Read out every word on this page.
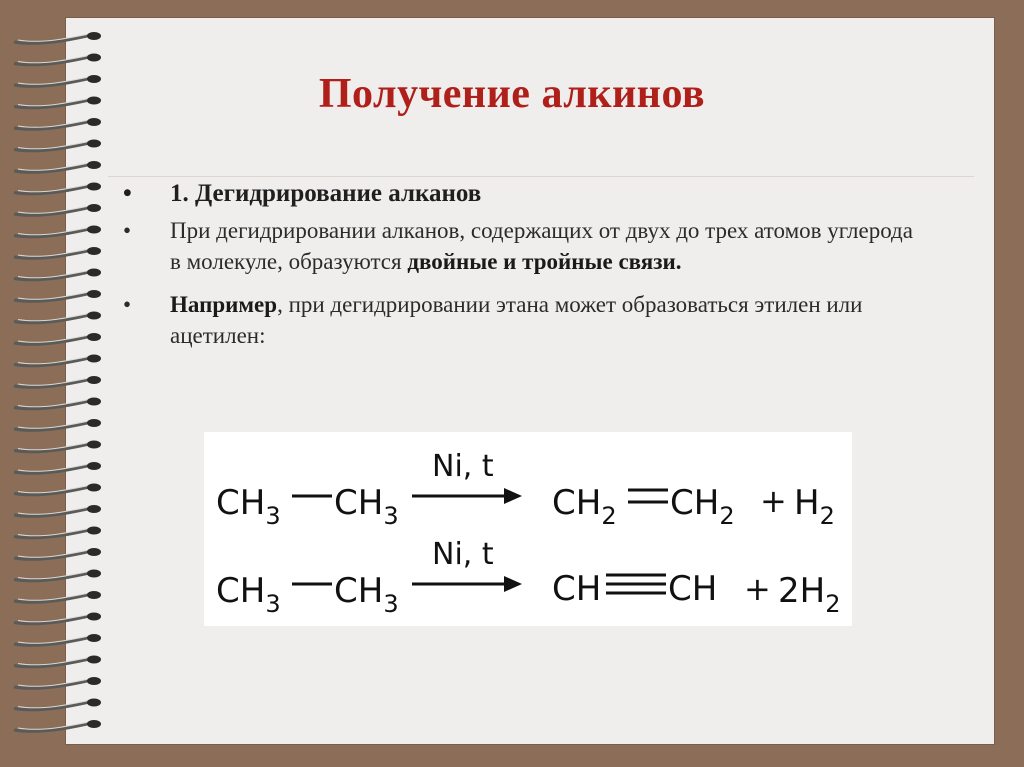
Получение алкинов
• 1. Дегидрирование алканов
• При дегидрировании алканов, содержащих от двух до трех атомов углерода в молекуле, образуются двойные и тройные связи.
• Например, при дегидрировании этана может образоваться этилен или ацетилен:
$CH_3$ $CH_3$
Ni, t
$CH_2$ $CH_2 + H_2$
$CH_3$ $CH_3$
Ni, t
CH CH + $2H_2$
